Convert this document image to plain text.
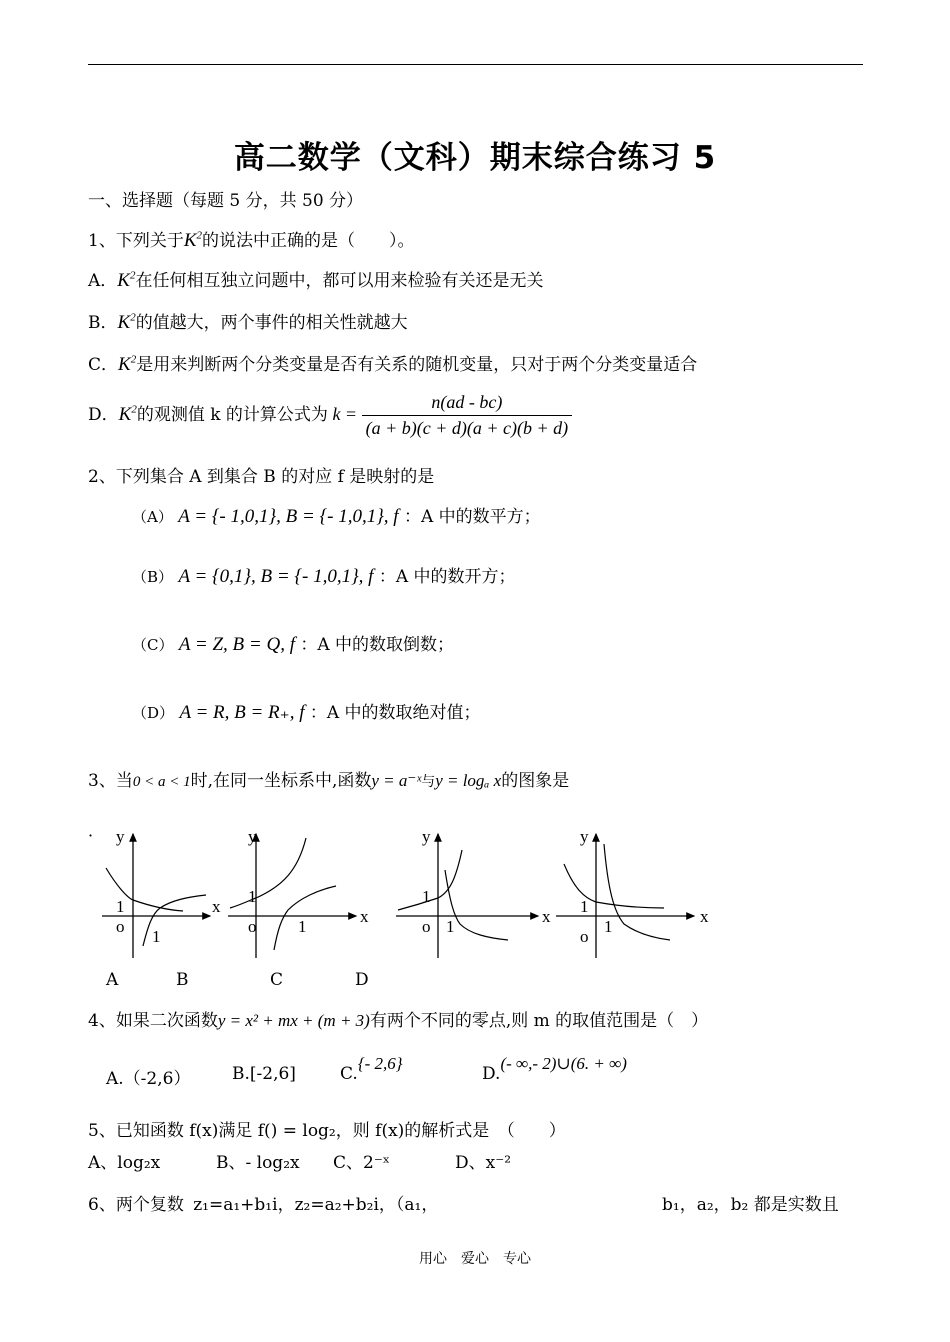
高二数学（文科）期末综合练习 5
一、选择题（每题 5 分，共 50 分）
1、下列关于$K^2$的说法中正确的是（　　）。
A．$K^2$在任何相互独立问题中，都可以用来检验有关还是无关
B．$K^2$的值越大，两个事件的相关性就越大
C．$K^2$是用来判断两个分类变量是否有关系的随机变量，只对于两个分类变量适合
D．$K^2$的观测值 k 的计算公式为 $k = \frac{n(ad - bc)}{(a + b)(c + d)(a + c)(b + d)}$
2、下列集合 A 到集合 B 的对应 f 是映射的是
（A） A = {- 1,0,1}, B = {- 1,0,1}, f ：A 中的数平方；
（B） A = {0,1}, B = {- 1,0,1}, f ：A 中的数开方；
（C） A = Z, B = Q, f ：A 中的数取倒数；
（D） A = R, B = R₊, f ：A 中的数取绝对值；
3、当0 < a < 1时,在同一坐标系中,函数y = a⁻ˣ与y = logₐ x的图象是
· y
x
1
o
1
y
x
1
o 1
y
x
1
o 1
y
x
1
o
1
A	B	C	D
4、如果二次函数y = x² + mx + (m + 3)有两个不同的零点,则 m 的取值范围是（　）
A.（-2,6） B.[-2,6]	C.{- 2,6}
D.(- ∞,- 2)∪(6. + ∞)
5、已知函数 f(x)满足 f() = log₂，则 f(x)的解析式是　（　　）
A、log₂x	B、- log₂x C、2⁻ˣ	D、x⁻²
6、两个复数 z₁=a₁+b₁i，z₂=a₂+b₂i，（a₁，	b₁，a₂，b₂ 都是实数且
用心　爱心　专心
